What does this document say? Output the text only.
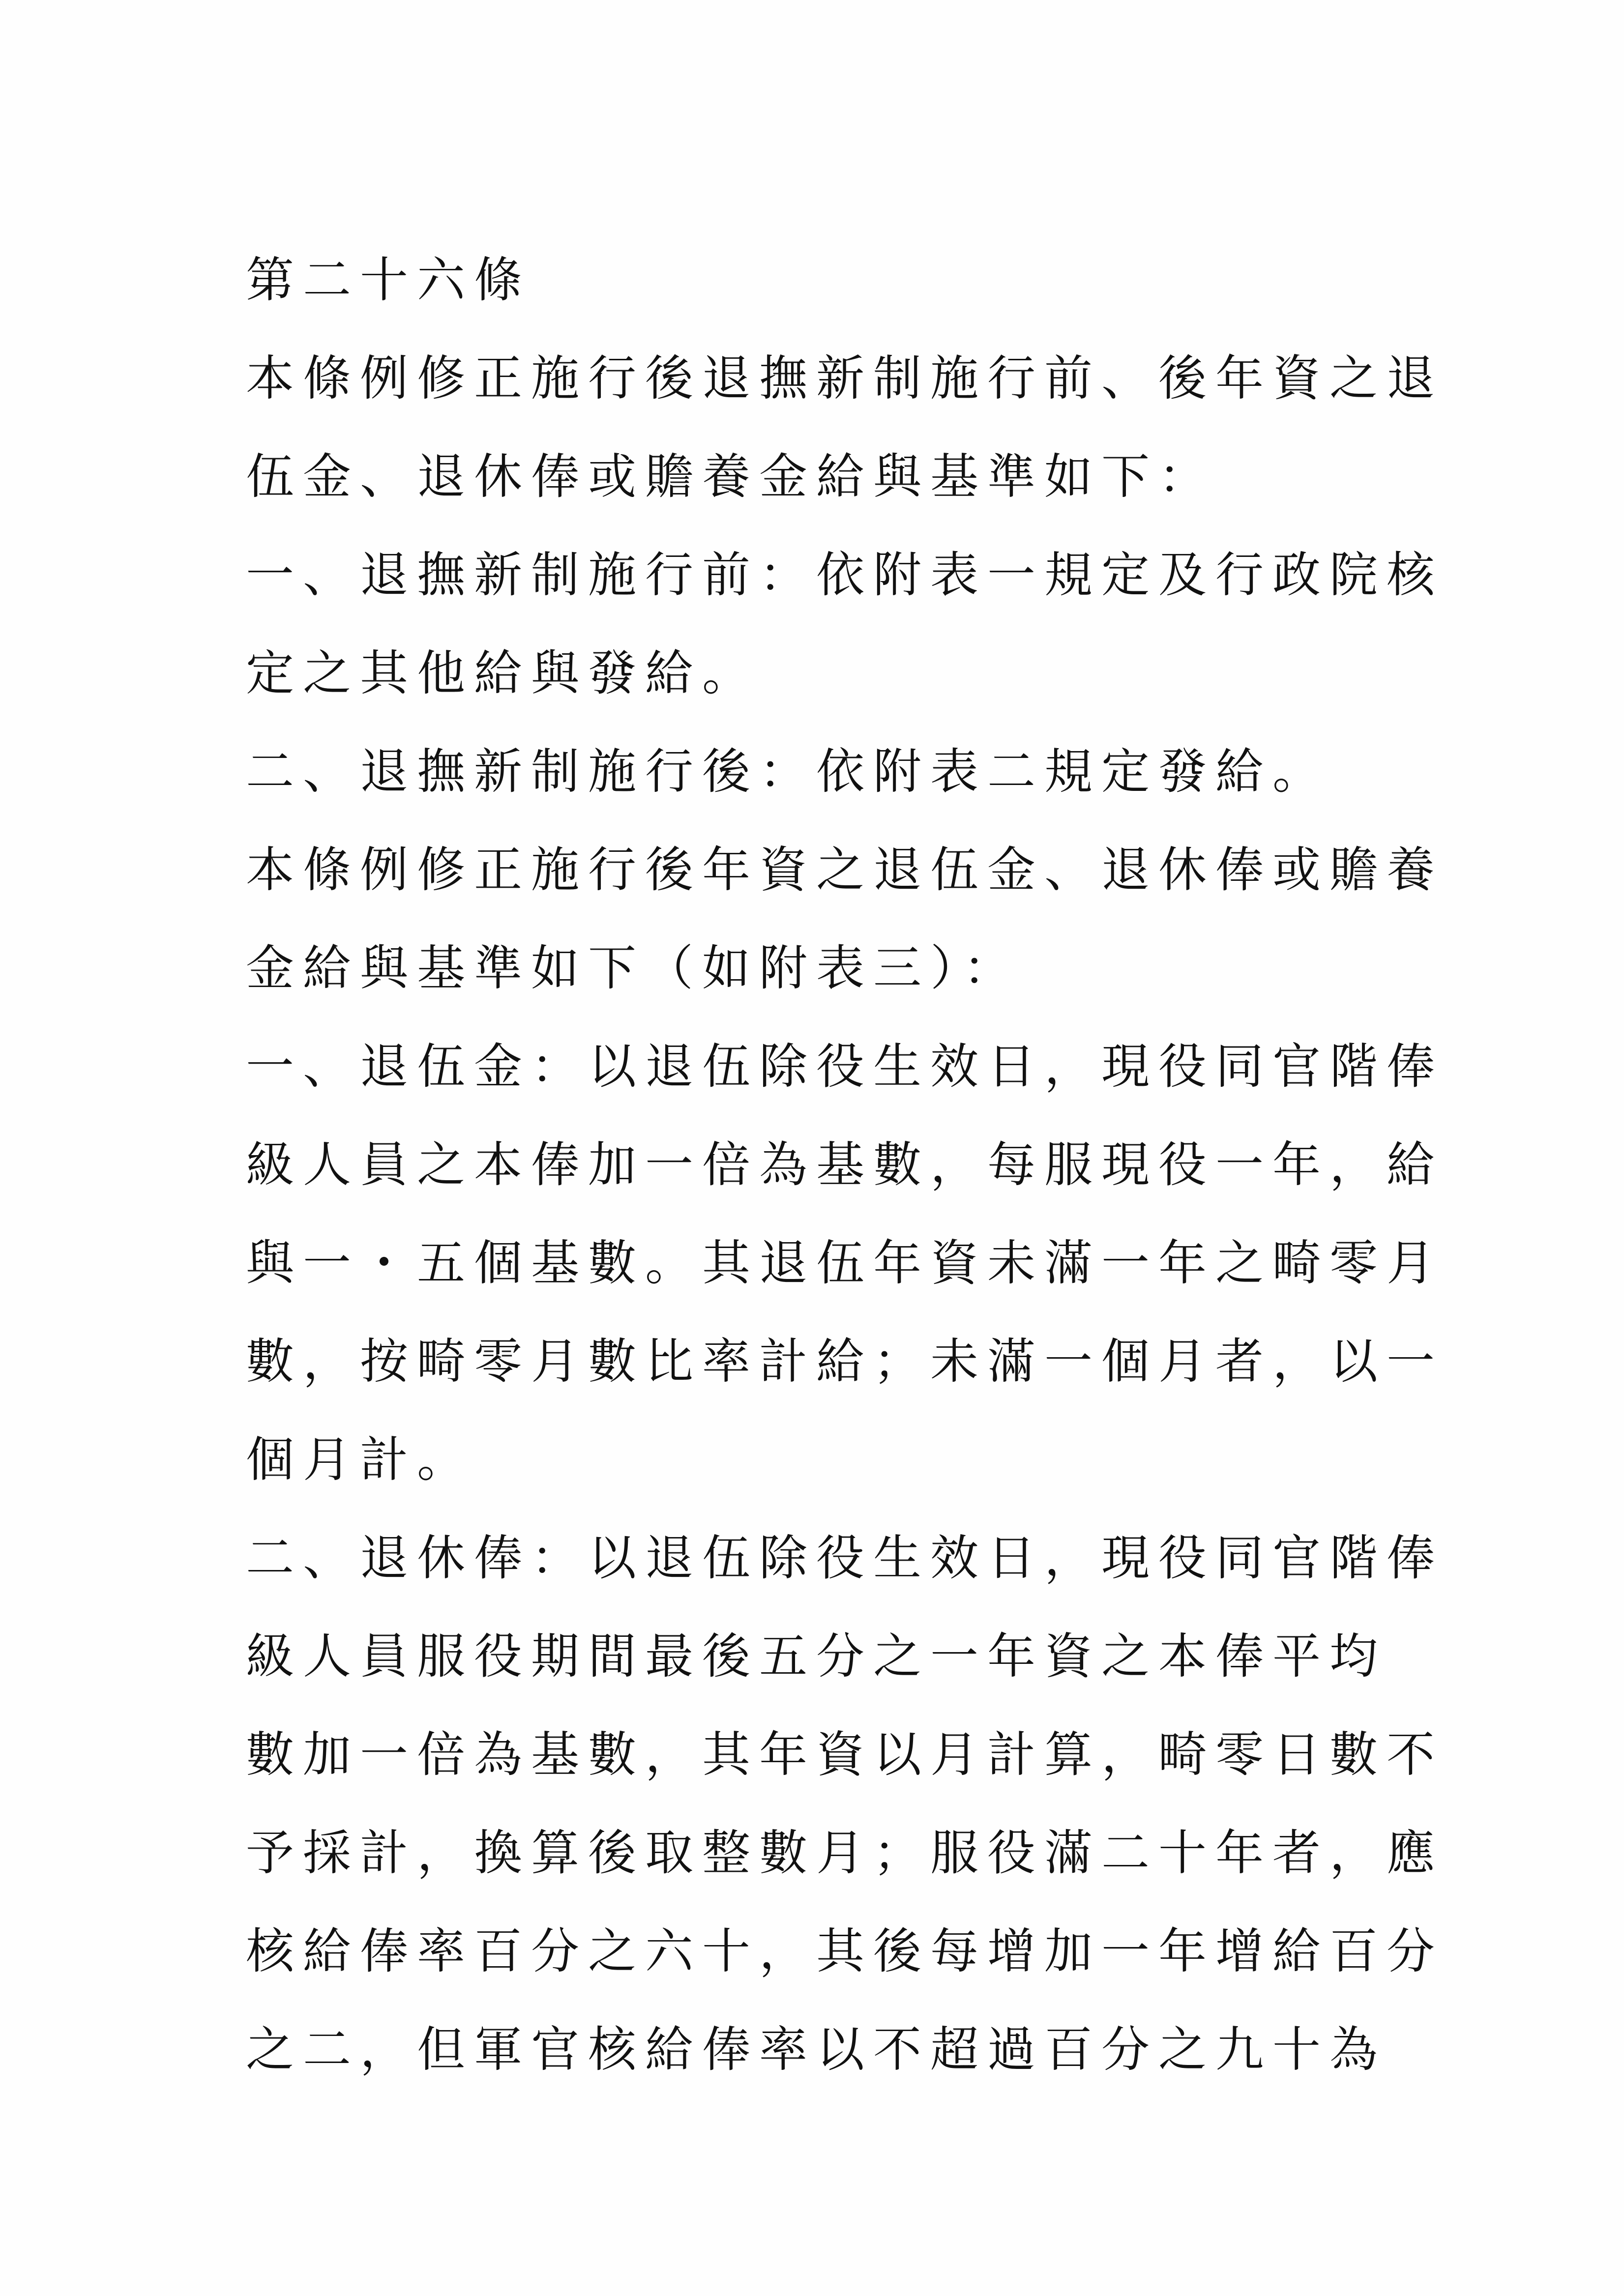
第二十六條
本條例修正施行後退撫新制施行前、後年資之退
伍金、退休俸或贍養金給與基準如下：
一、退撫新制施行前：依附表一規定及行政院核
定之其他給與發給。
二、退撫新制施行後：依附表二規定發給。
本條例修正施行後年資之退伍金、退休俸或贍養
金給與基準如下（如附表三）：
一、退伍金：以退伍除役生效日，現役同官階俸
級人員之本俸加一倍為基數，每服現役一年，給
與一・五個基數。其退伍年資未滿一年之畸零月
數，按畸零月數比率計給；未滿一個月者，以一
個月計。
二、退休俸：以退伍除役生效日，現役同官階俸
級人員服役期間最後五分之一年資之本俸平均
數加一倍為基數，其年資以月計算，畸零日數不
予採計，換算後取整數月；服役滿二十年者，應
核給俸率百分之六十，其後每增加一年增給百分
之二，但軍官核給俸率以不超過百分之九十為
